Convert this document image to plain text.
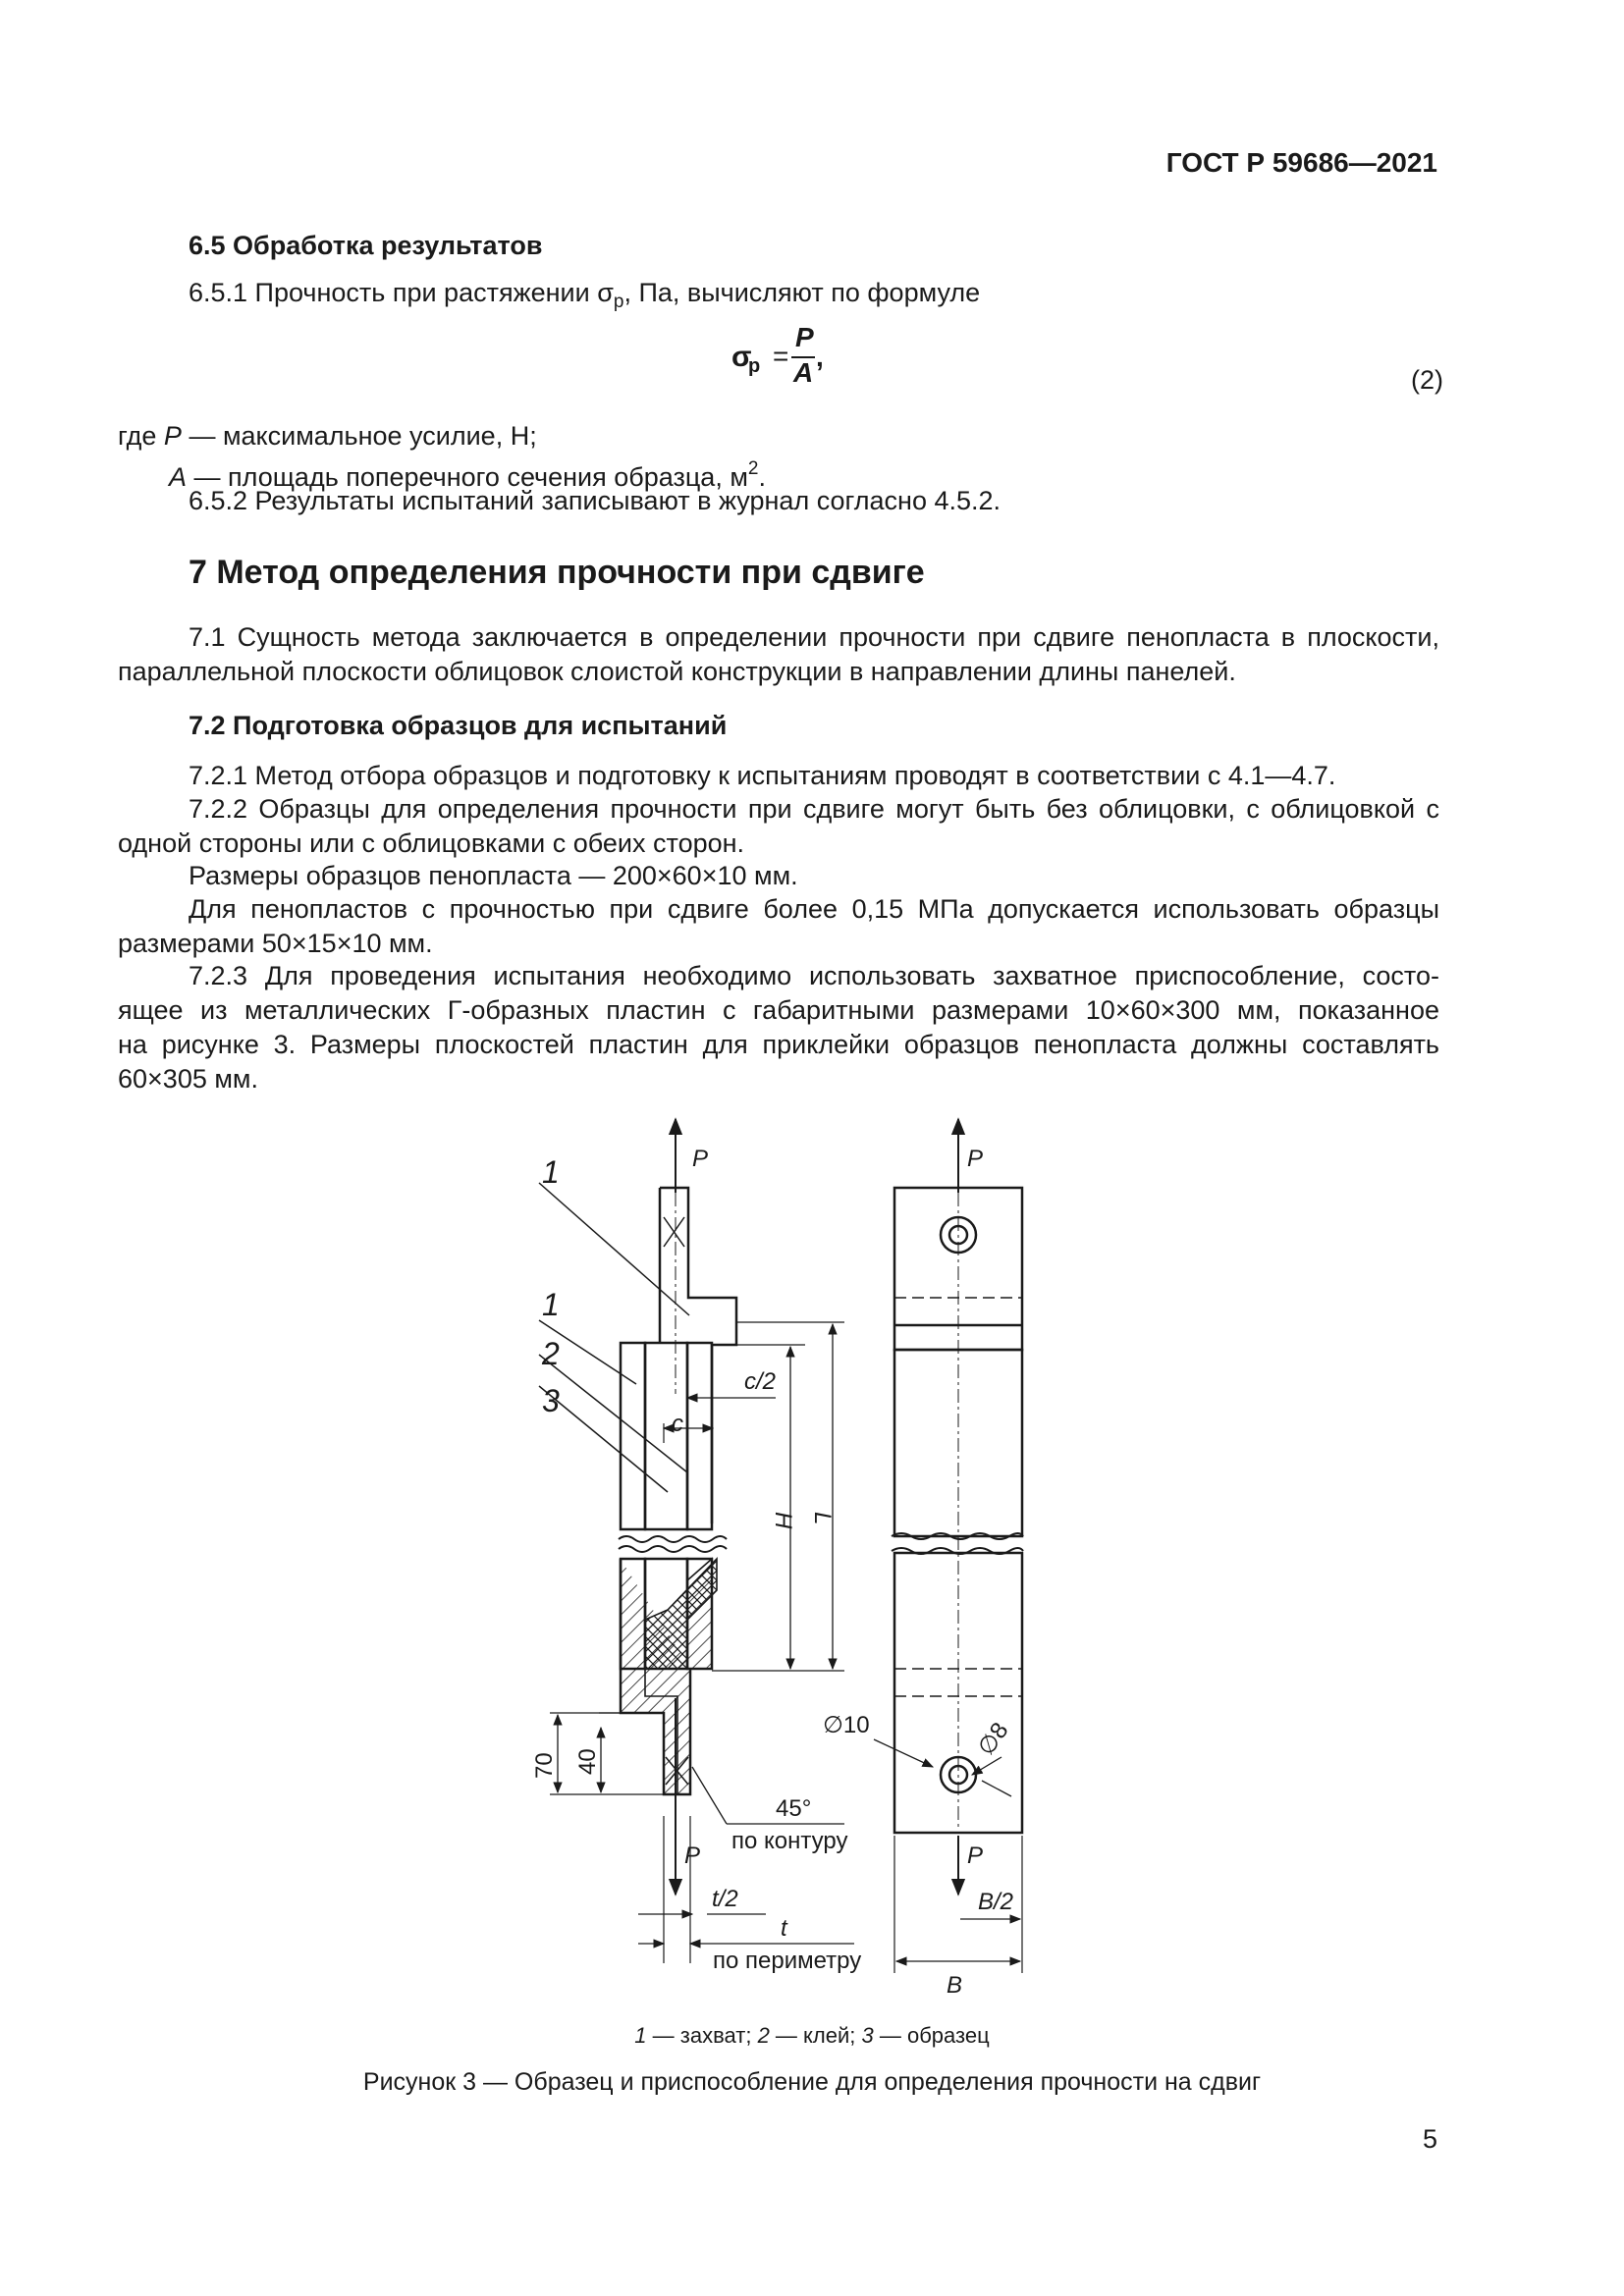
ГОСТ Р 59686—2021
6.5 Обработка результатов
6.5.1 Прочность при растяжении $\sigma_р$, Па, вычисляют по формуле
σ
р =
P
A
,
(2)
где P — максимальное усилие, Н;
A — площадь поперечного сечения образца, $м^2$.
6.5.2 Результаты испытаний записывают в журнал согласно 4.5.2.
7 Метод определения прочности при сдвиге
7.1 Сущность метода заключается в определении прочности при сдвиге пенопласта в плоскости,
параллельной плоскости облицовок слоистой конструкции в направлении длины панелей.
7.2 Подготовка образцов для испытаний
7.2.1 Метод отбора образцов и подготовку к испытаниям проводят в соответствии с 4.1—4.7.
7.2.2 Образцы для определения прочности при сдвиге могут быть без облицовки, с облицовкой с
одной стороны или с облицовками с обеих сторон.
Размеры образцов пенопласта — 200×60×10 мм.
Для пенопластов с прочностью при сдвиге более 0,15 МПа допускается использовать образцы
размерами 50×15×10 мм.
7.2.3 Для проведения испытания необходимо использовать захватное приспособление, состо-
ящее из металлических Г-образных пластин с габаритными размерами 10×60×300 мм, показанное
на рисунке 3. Размеры плоскостей пластин для приклейки образцов пенопласта должны составлять
60×305 мм.
P	P
1
1
2
3
c
c/2
H L
70 40
45°
по контуру
P	P
t/2
t
по периметру
∅10	∅8
B/2
B
1 — захват; 2 — клей; 3 — образец
Рисунок 3 — Образец и приспособление для определения прочности на сдвиг
5
